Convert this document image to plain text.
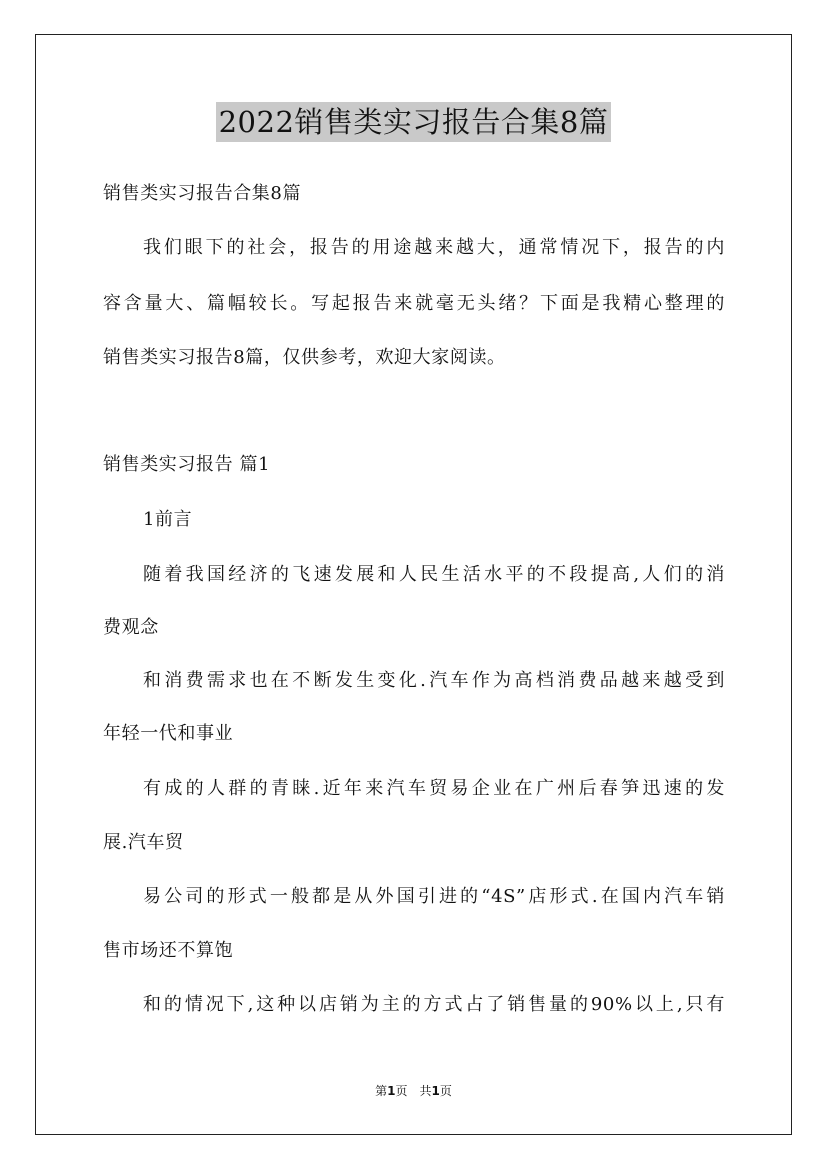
2022销售类实习报告合集8篇
销售类实习报告合集8篇
我们眼下的社会，报告的用途越来越大，通常情况下，报告的内
容含量大、篇幅较长。写起报告来就毫无头绪？下面是我精心整理的
销售类实习报告8篇，仅供参考，欢迎大家阅读。
销售类实习报告 篇1
1前言
随着我国经济的飞速发展和人民生活水平的不段提高,人们的消
费观念
和消费需求也在不断发生变化.汽车作为高档消费品越来越受到
年轻一代和事业
有成的人群的青睐.近年来汽车贸易企业在广州后春笋迅速的发
展.汽车贸
易公司的形式一般都是从外国引进的“4S”店形式.在国内汽车销
售市场还不算饱
和的情况下,这种以店销为主的方式占了销售量的90%以上,只有
第1页　共1页
